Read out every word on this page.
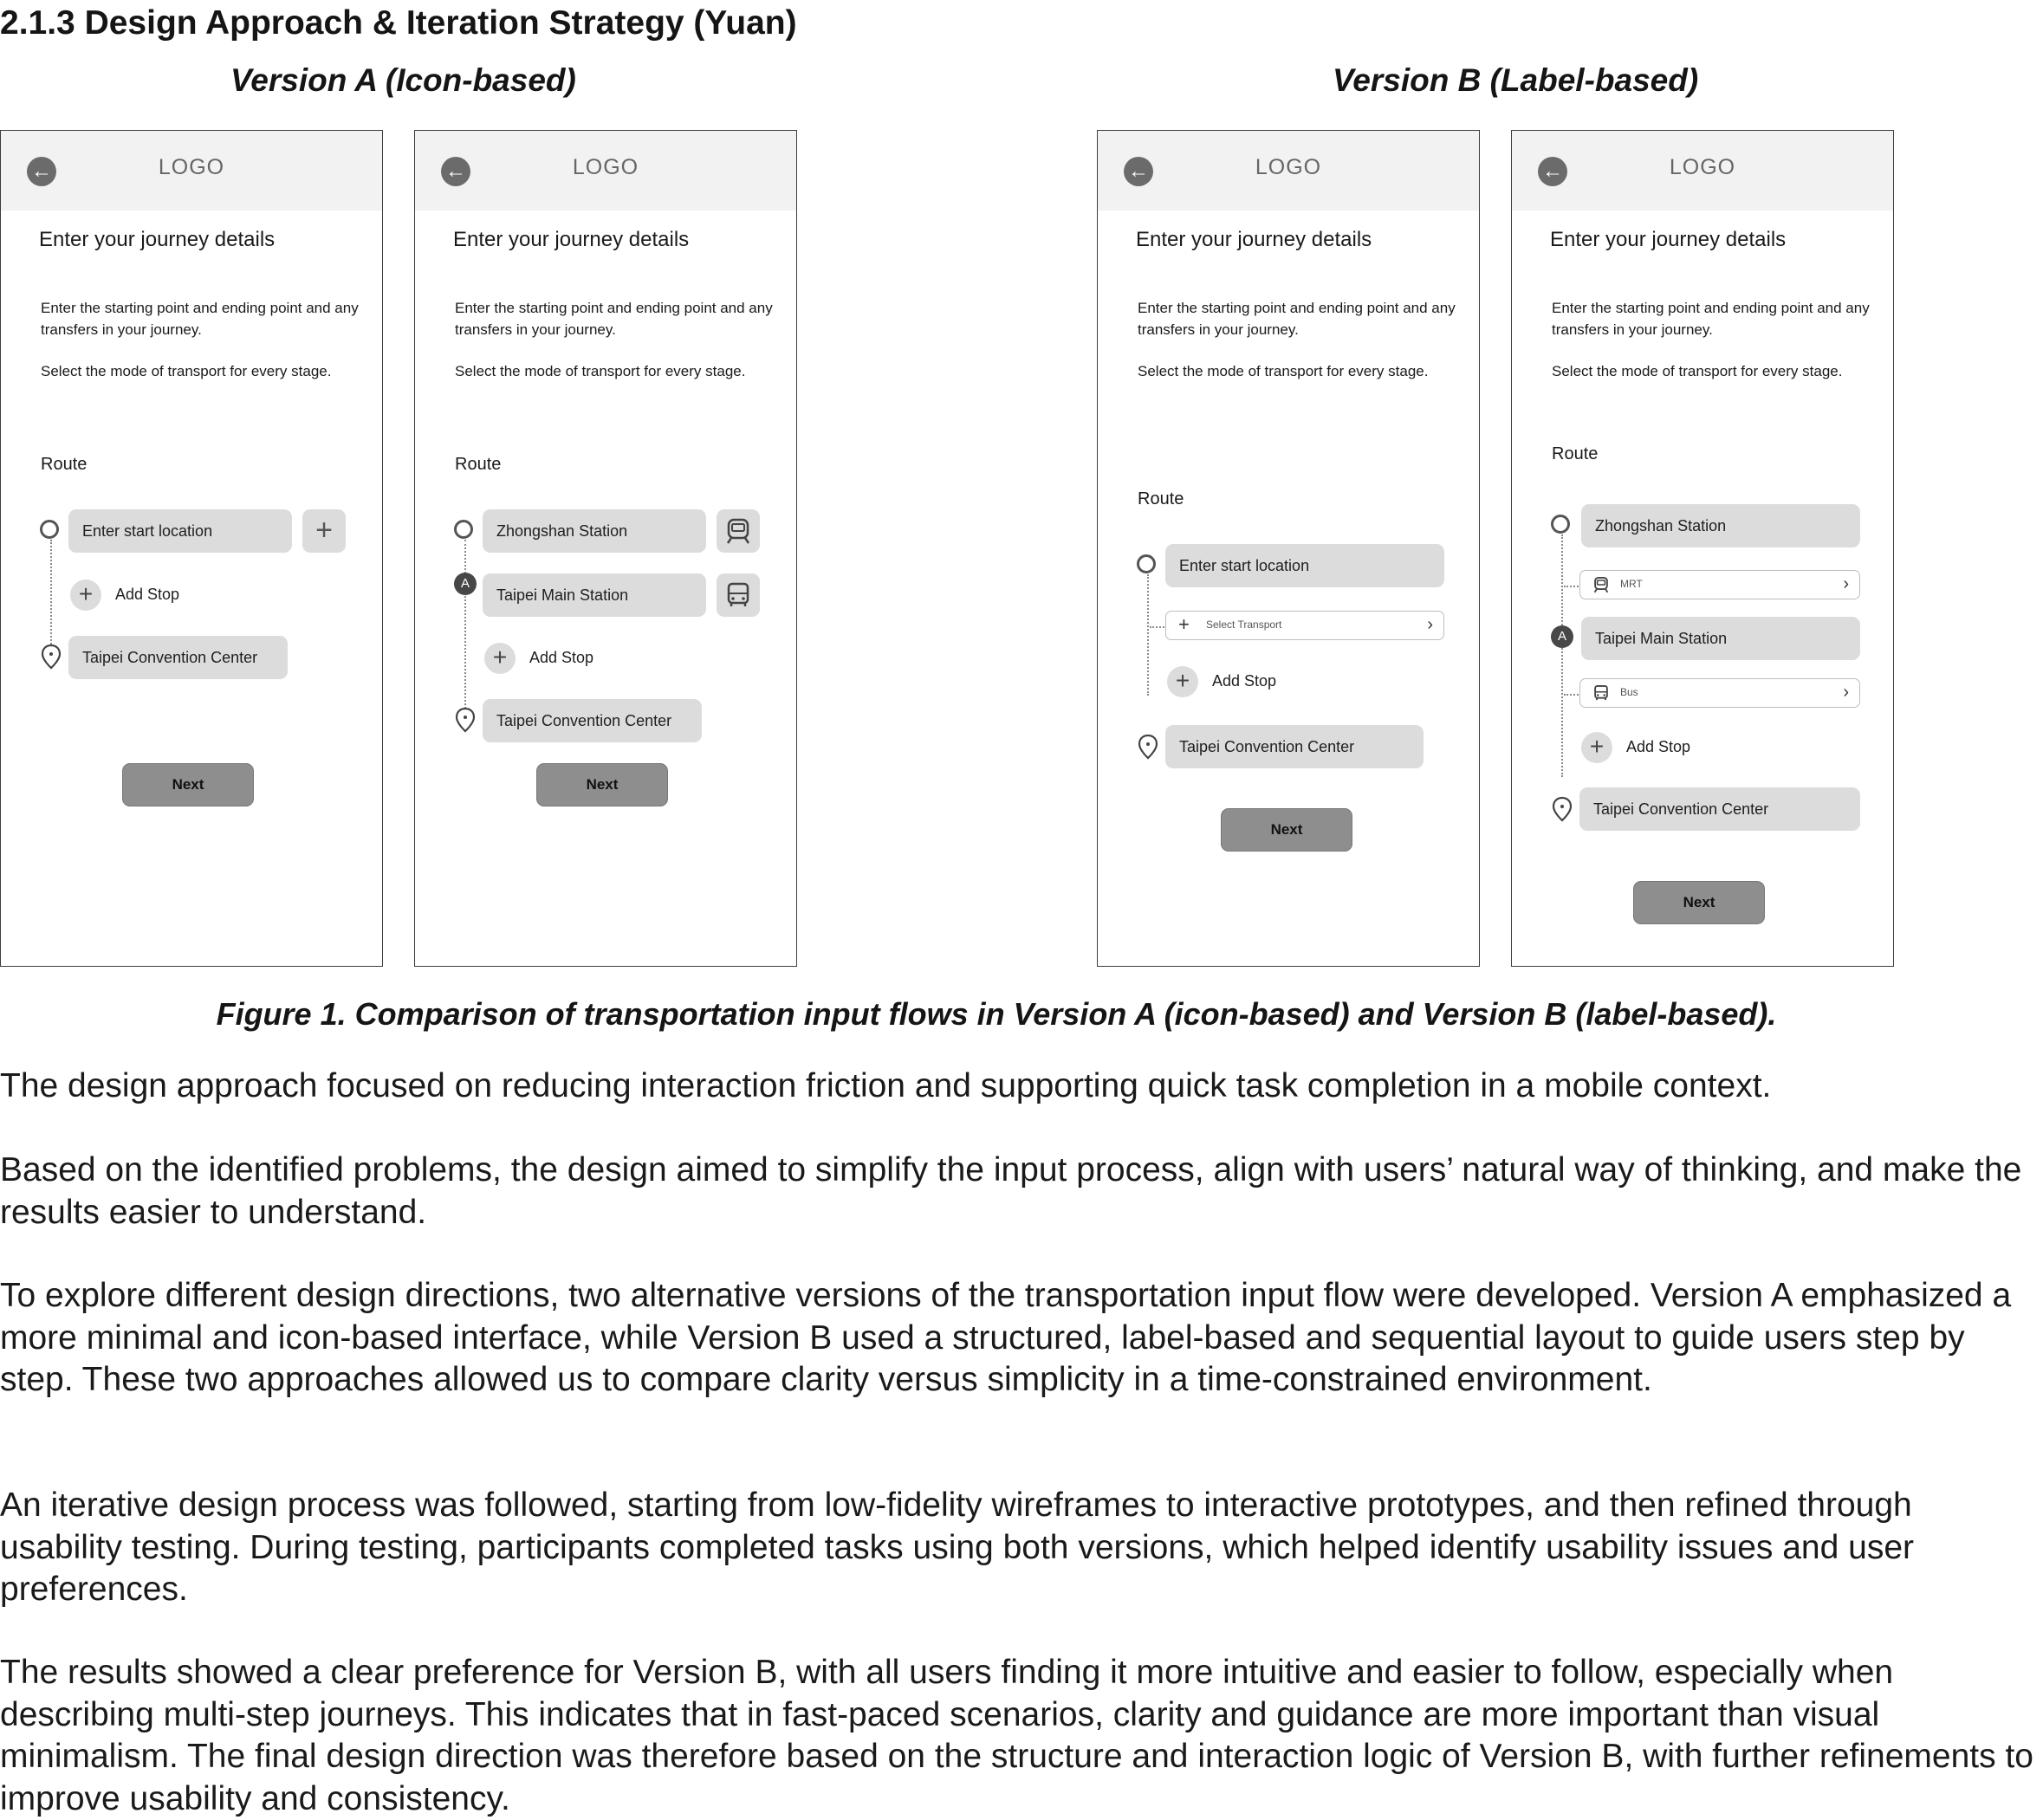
2.1.3 Design Approach & Iteration Strategy (Yuan)
Version A (Icon-based)	Version B (Label-based)
←	LOGO
Enter your journey details
Enter the starting point and ending point and any transfers in your journey.
Select the mode of transport for every stage.
Route
Enter start location	+
+	Add Stop
Taipei Convention Center
Next
←	LOGO
Enter your journey details
Enter the starting point and ending point and any transfers in your journey.
Select the mode of transport for every stage.
Route
Zhongshan Station
A
Taipei Main Station
+	Add Stop
Taipei Convention Center
Next
←	LOGO
Enter your journey details
Enter the starting point and ending point and any transfers in your journey.
Select the mode of transport for every stage.
Route
Enter start location
+ Select Transport	›
+	Add Stop
Taipei Convention Center
Next
←	LOGO
Enter your journey details
Enter the starting point and ending point and any transfers in your journey.
Select the mode of transport for every stage.
Route
Zhongshan Station
MRT	›
A	Taipei Main Station
Bus	›
+	Add Stop
Taipei Convention Center
Next

Figure 1. Comparison of transportation input flows in Version A (icon-based) and Version B (label-based).

The design approach focused on reducing interaction friction and supporting quick task completion in a mobile context.

Based on the identified problems, the design aimed to simplify the input process, align with users’ natural way of thinking, and make the results easier to understand.

To explore different design directions, two alternative versions of the transportation input flow were developed. Version A emphasized a more minimal and icon-based interface, while Version B used a structured, label-based and sequential layout to guide users step by step. These two approaches allowed us to compare clarity versus simplicity in a time-constrained environment.

An iterative design process was followed, starting from low-fidelity wireframes to interactive prototypes, and then refined through usability testing. During testing, participants completed tasks using both versions, which helped identify usability issues and user preferences.

The results showed a clear preference for Version B, with all users finding it more intuitive and easier to follow, especially when describing multi-step journeys. This indicates that in fast-paced scenarios, clarity and guidance are more important than visual minimalism. The final design direction was therefore based on the structure and interaction logic of Version B, with further refinements to improve usability and consistency.
